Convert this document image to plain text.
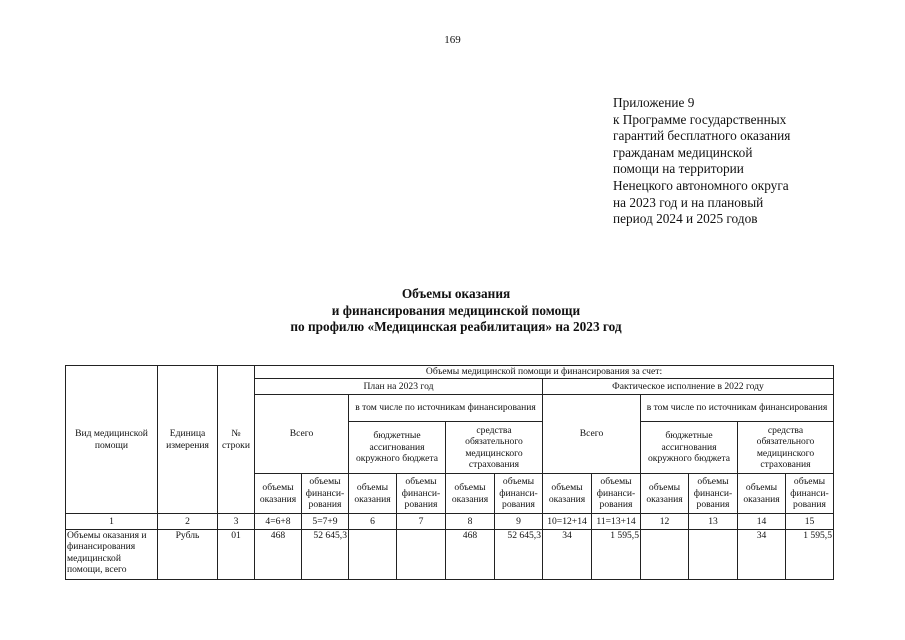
169
Приложение 9
к Программе государственных
гарантий бесплатного оказания
гражданам медицинской
помощи на территории
Ненецкого автономного округа
на 2023 год и на плановый
период 2024 и 2025 годов
Объемы оказания
и финансирования медицинской помощи
по профилю «Медицинская реабилитация» на 2023 год
Вид медицинской помощи	Единица измерения	№ строки	Объемы медицинской помощи и финансирования за счет:											
			План на 2023 год						Фактическое исполнение в 2022 году					
			Всего		в том числе по источникам финансирования				Всего		в том числе по источникам финансирования			
					бюджетные ассигнования окружного бюджета		средства обязательного медицинского страхования				бюджетные ассигнования окружного бюджета		средства обязательного медицинского страхования	
			объемы оказания	объемы финанси-рования	объемы оказания	объемы финанси-рования	объемы оказания	объемы финанси-рования	объемы оказания	объемы финанси-рования	объемы оказания	объемы финанси-рования	объемы оказания	объемы финанси-рования
1	2	3	4=6+8	5=7+9	6	7	8	9	10=12+14	11=13+14	12	13	14	15
Объемы оказания и финансирования медицинской помощи, всего	Рубль	01	468	52 645,3			468	52 645,3	34	1 595,5			34	1 595,5
